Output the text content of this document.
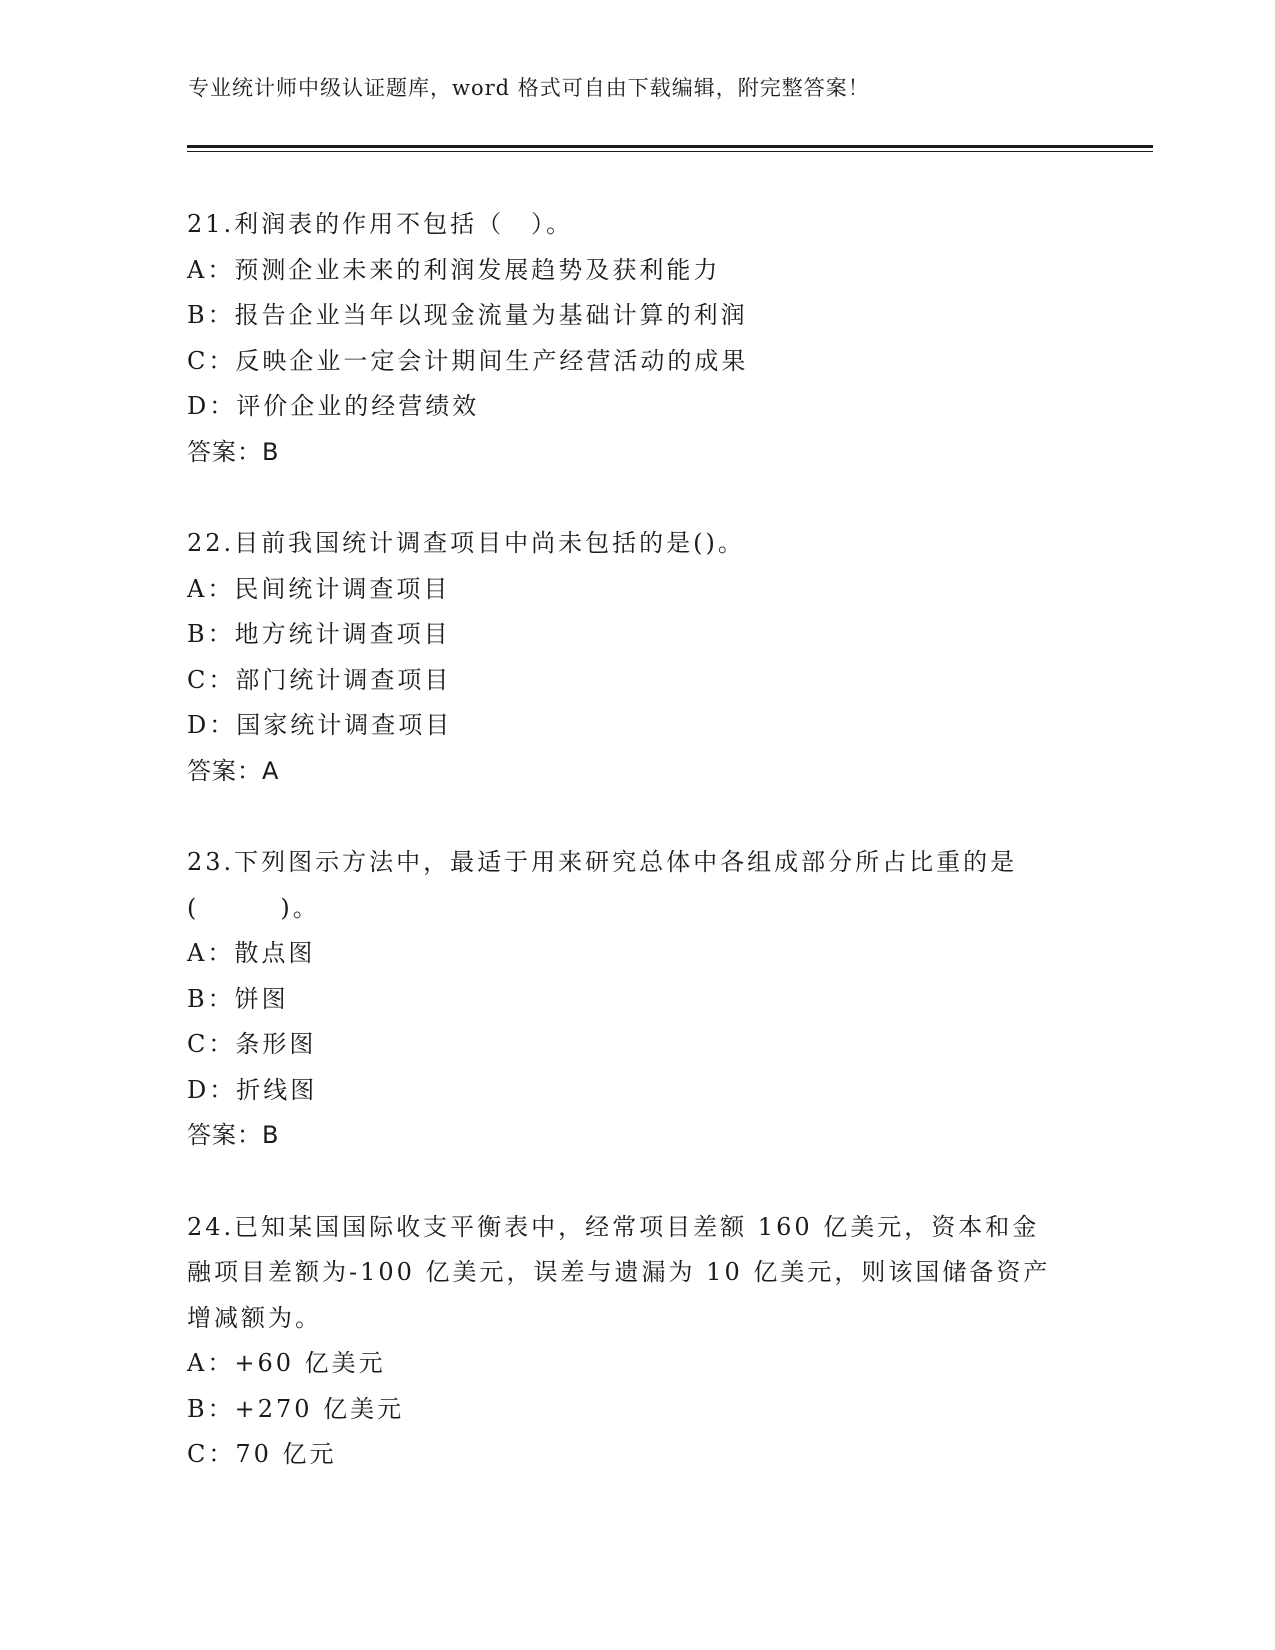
专业统计师中级认证题库，word 格式可自由下载编辑，附完整答案！
21.利润表的作用不包括（　）。
A：预测企业未来的利润发展趋势及获利能力
B：报告企业当年以现金流量为基础计算的利润
C：反映企业一定会计期间生产经营活动的成果
D：评价企业的经营绩效
答案：B
22.目前我国统计调查项目中尚未包括的是()。
A：民间统计调查项目
B：地方统计调查项目
C：部门统计调查项目
D：国家统计调查项目
答案：A
23.下列图示方法中，最适于用来研究总体中各组成部分所占比重的是
(　　　)。
A：散点图
B：饼图
C：条形图
D：折线图
答案：B
24.已知某国国际收支平衡表中，经常项目差额 160 亿美元，资本和金
融项目差额为-100 亿美元，误差与遗漏为 10 亿美元，则该国储备资产
增减额为。
A：+60 亿美元
B：+270 亿美元
C：70 亿元
